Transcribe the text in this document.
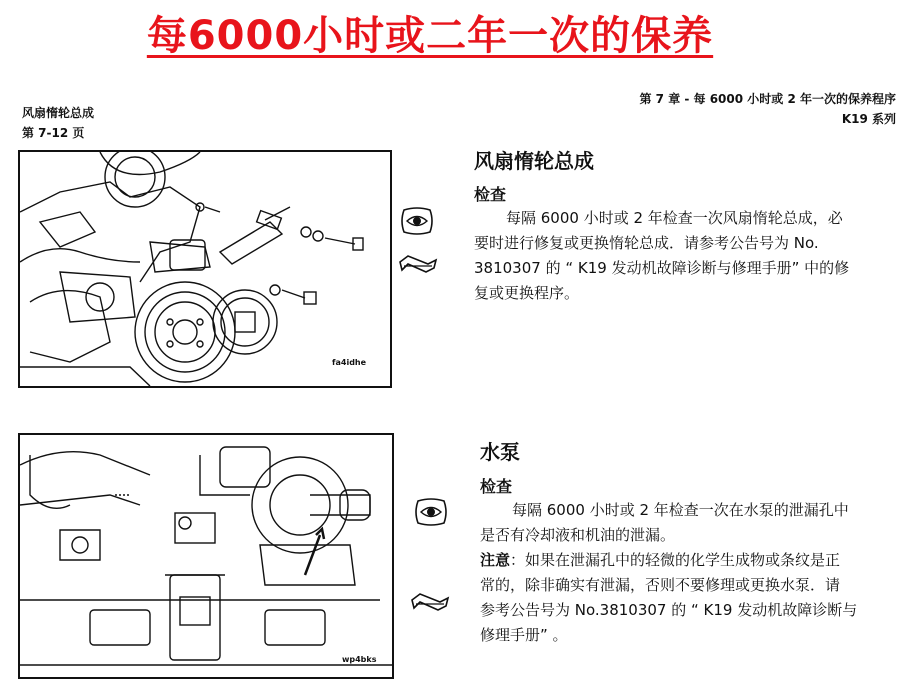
每6000小时或二年一次的保养
风扇惰轮总成
第 7-12 页
第 7 章 - 每 6000 小时或 2 年一次的保养程序
K19 系列
fa4idhe
wp4bks
风扇惰轮总成
检查
每隔 6000 小时或 2 年检查一次风扇惰轮总成，必
要时进行修复或更换惰轮总成．请参考公告号为 No.
3810307 的 “ K19 发动机故障诊断与修理手册” 中的修
复或更换程序。
水泵
检查
每隔 6000 小时或 2 年检查一次在水泵的泄漏孔中
是否有冷却液和机油的泄漏。
注意：如果在泄漏孔中的轻微的化学生成物或条纹是正
常的，除非确实有泄漏，否则不要修理或更换水泵．请
参考公告号为 No.3810307 的 “ K19 发动机故障诊断与
修理手册” 。
